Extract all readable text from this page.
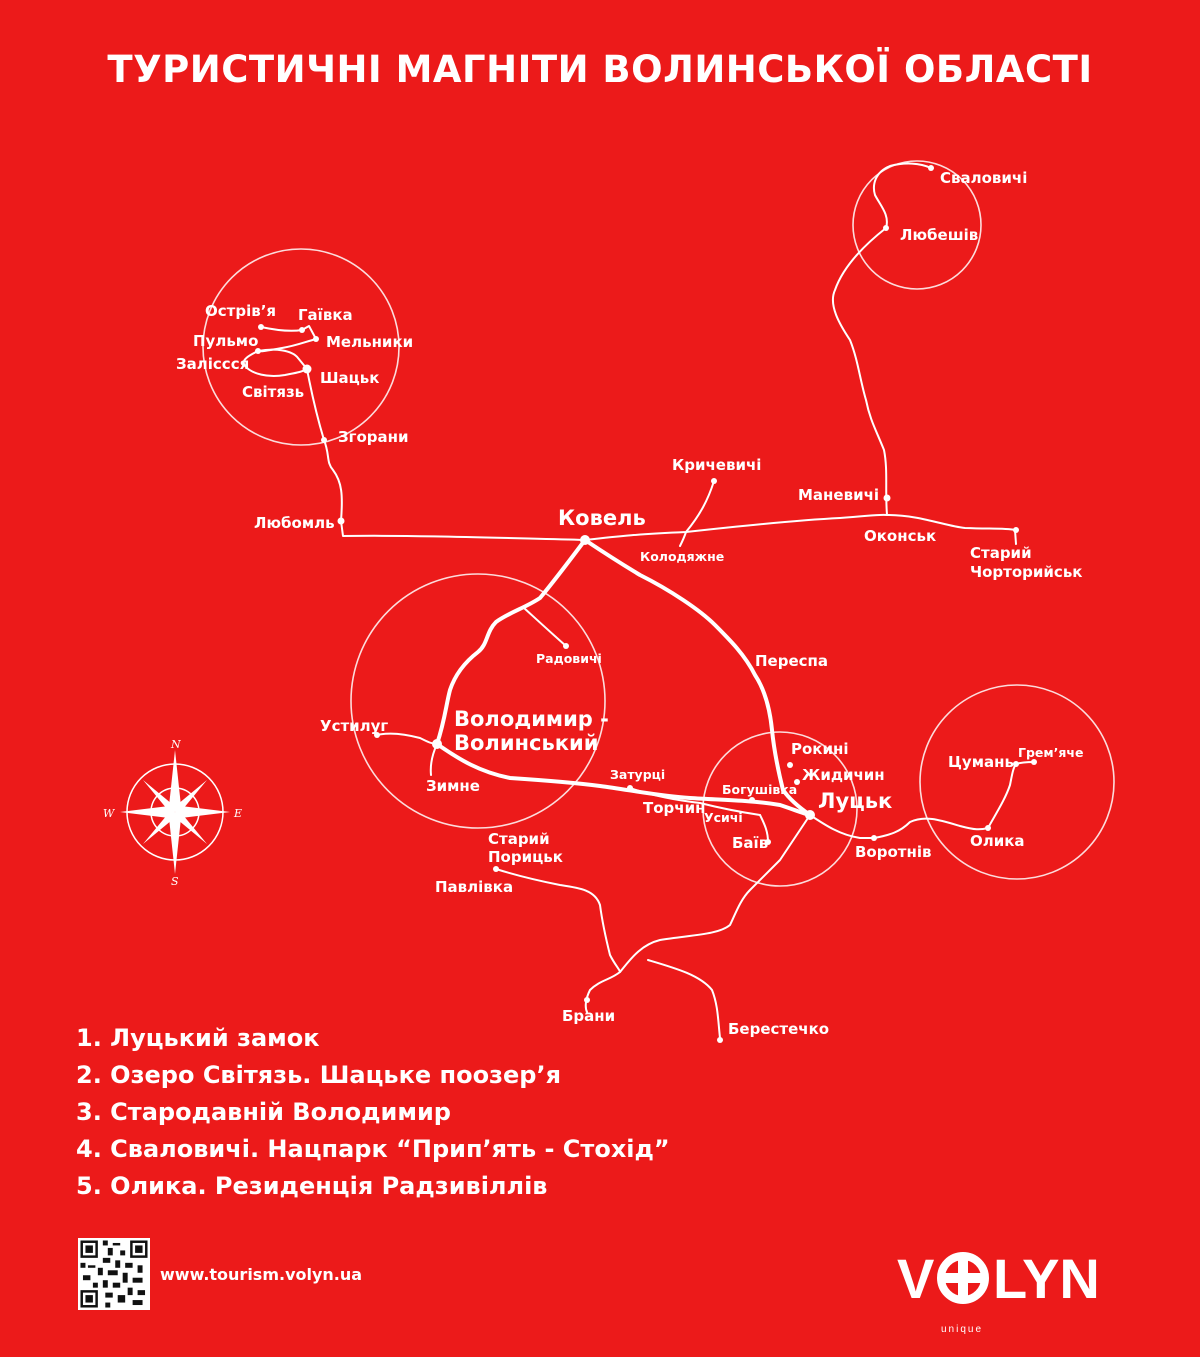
ТУРИСТИЧНІ МАГНІТИ ВОЛИНСЬКОЇ ОБЛАСТІ
Сваловичі
Любешів
Острів’я Гаївка
Пульмо	Мельники
Заліссся
Шацьк
Світязь
Згорани
Кричевичі
Маневичі
Любомль	Ковель
Колодяжне
Оконськ
Старий
Чорторийськ
Радовичі	Переспа
Устилуг	Володимир -
Волинський	Рокині	Грем’яче
Цумань
Жидичин
Зимне
Затурці
Богушівка Луцьк
Торчин
Усичі
Олика
Старий
Порицьк
Баїв	Воротнів
Павлівка
Брани
Берестечко
N
S
E
W
1. Луцький замок
2. Озеро Світязь. Шацьке поозер’я
3. Стародавній Володимир
4. Сваловичі. Нацпарк “Прип’ять - Стохід”
5. Олика. Резиденція Радзивіллів
www.tourism.volyn.ua	V LYN
unique
